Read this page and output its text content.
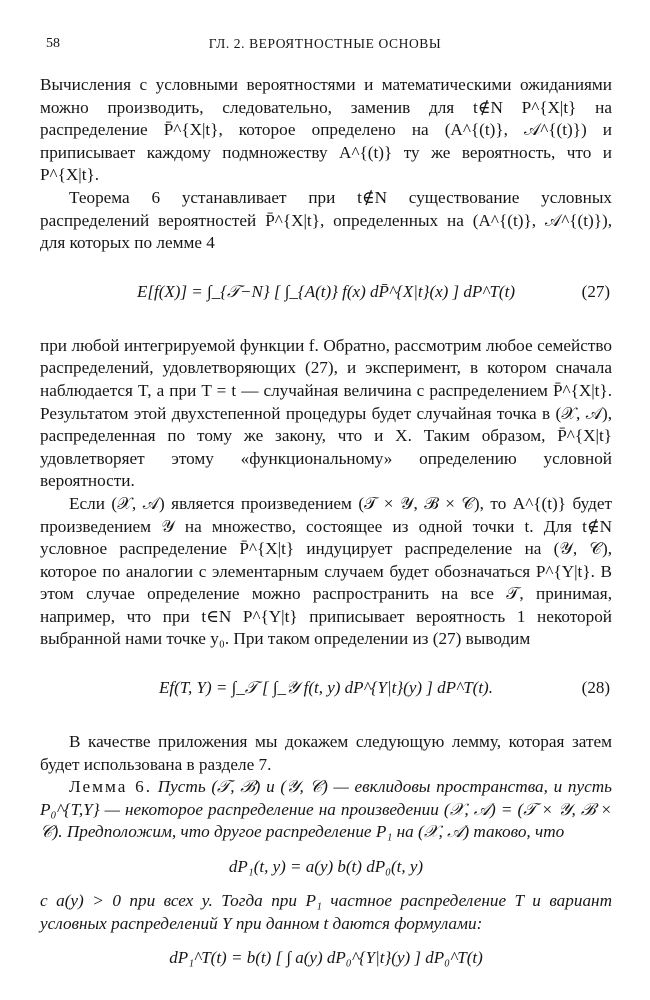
58	ГЛ. 2. ВЕРОЯТНОСТНЫЕ ОСНОВЫ

Вычисления с условными вероятностями и математическими ожиданиями можно производить, следовательно, заменив для t∉N P^{X|t} на распределение P̄^{X|t}, которое определено на (A^{(t)}, 𝒜^{(t)}) и приписывает каждому подмножеству A^{(t)} ту же вероятность, что и P^{X|t}.

Теорема 6 устанавливает при t∉N существование условных распределений вероятностей P̄^{X|t}, определенных на (A^{(t)}, 𝒜^{(t)}), для которых по лемме 4

E[f(X)] = ∫_{𝒯−N} [ ∫_{A(t)} f(x) dP̄^{X|t}(x) ] dP^T(t)	(27)

при любой интегрируемой функции f. Обратно, рассмотрим любое семейство распределений, удовлетворяющих (27), и эксперимент, в котором сначала наблюдается T, а при T = t — случайная величина с распределением P̄^{X|t}. Результатом этой двухстепенной процедуры будет случайная точка в (𝒳, 𝒜), распределенная по тому же закону, что и X. Таким образом, P̄^{X|t} удовлетворяет этому «функциональному» определению условной вероятности.

Если (𝒳, 𝒜) является произведением (𝒯 × 𝒴, ℬ × 𝒞), то A^{(t)} будет произведением 𝒴 на множество, состоящее из одной точки t. Для t∉N условное распределение P̄^{X|t} индуцирует распределение на (𝒴, 𝒞), которое по аналогии с элементарным случаем будет обозначаться P^{Y|t}. В этом случае определение можно распространить на все 𝒯, принимая, например, что при t∈N P^{Y|t} приписывает вероятность 1 некоторой выбранной нами точке y₀. При таком определении из (27) выводим

Ef(T, Y) = ∫_𝒯 [ ∫_𝒴 f(t, y) dP^{Y|t}(y) ] dP^T(t).	(28)

В качестве приложения мы докажем следующую лемму, которая затем будет использована в разделе 7.

Лемма 6. Пусть (𝒯, ℬ) и (𝒴, 𝒞) — евклидовы пространства, и пусть P₀^{T,Y} — некоторое распределение на произведении (𝒳, 𝒜) = (𝒯 × 𝒴, ℬ × 𝒞). Предположим, что другое распределение P₁ на (𝒳, 𝒜) таково, что

dP₁(t, y) = a(y) b(t) dP₀(t, y)

с a(y) > 0 при всех y. Тогда при P₁ частное распределение T и вариант условных распределений Y при данном t даются формулами:

dP₁^T(t) = b(t) [ ∫ a(y) dP₀^{Y|t}(y) ] dP₀^T(t)
